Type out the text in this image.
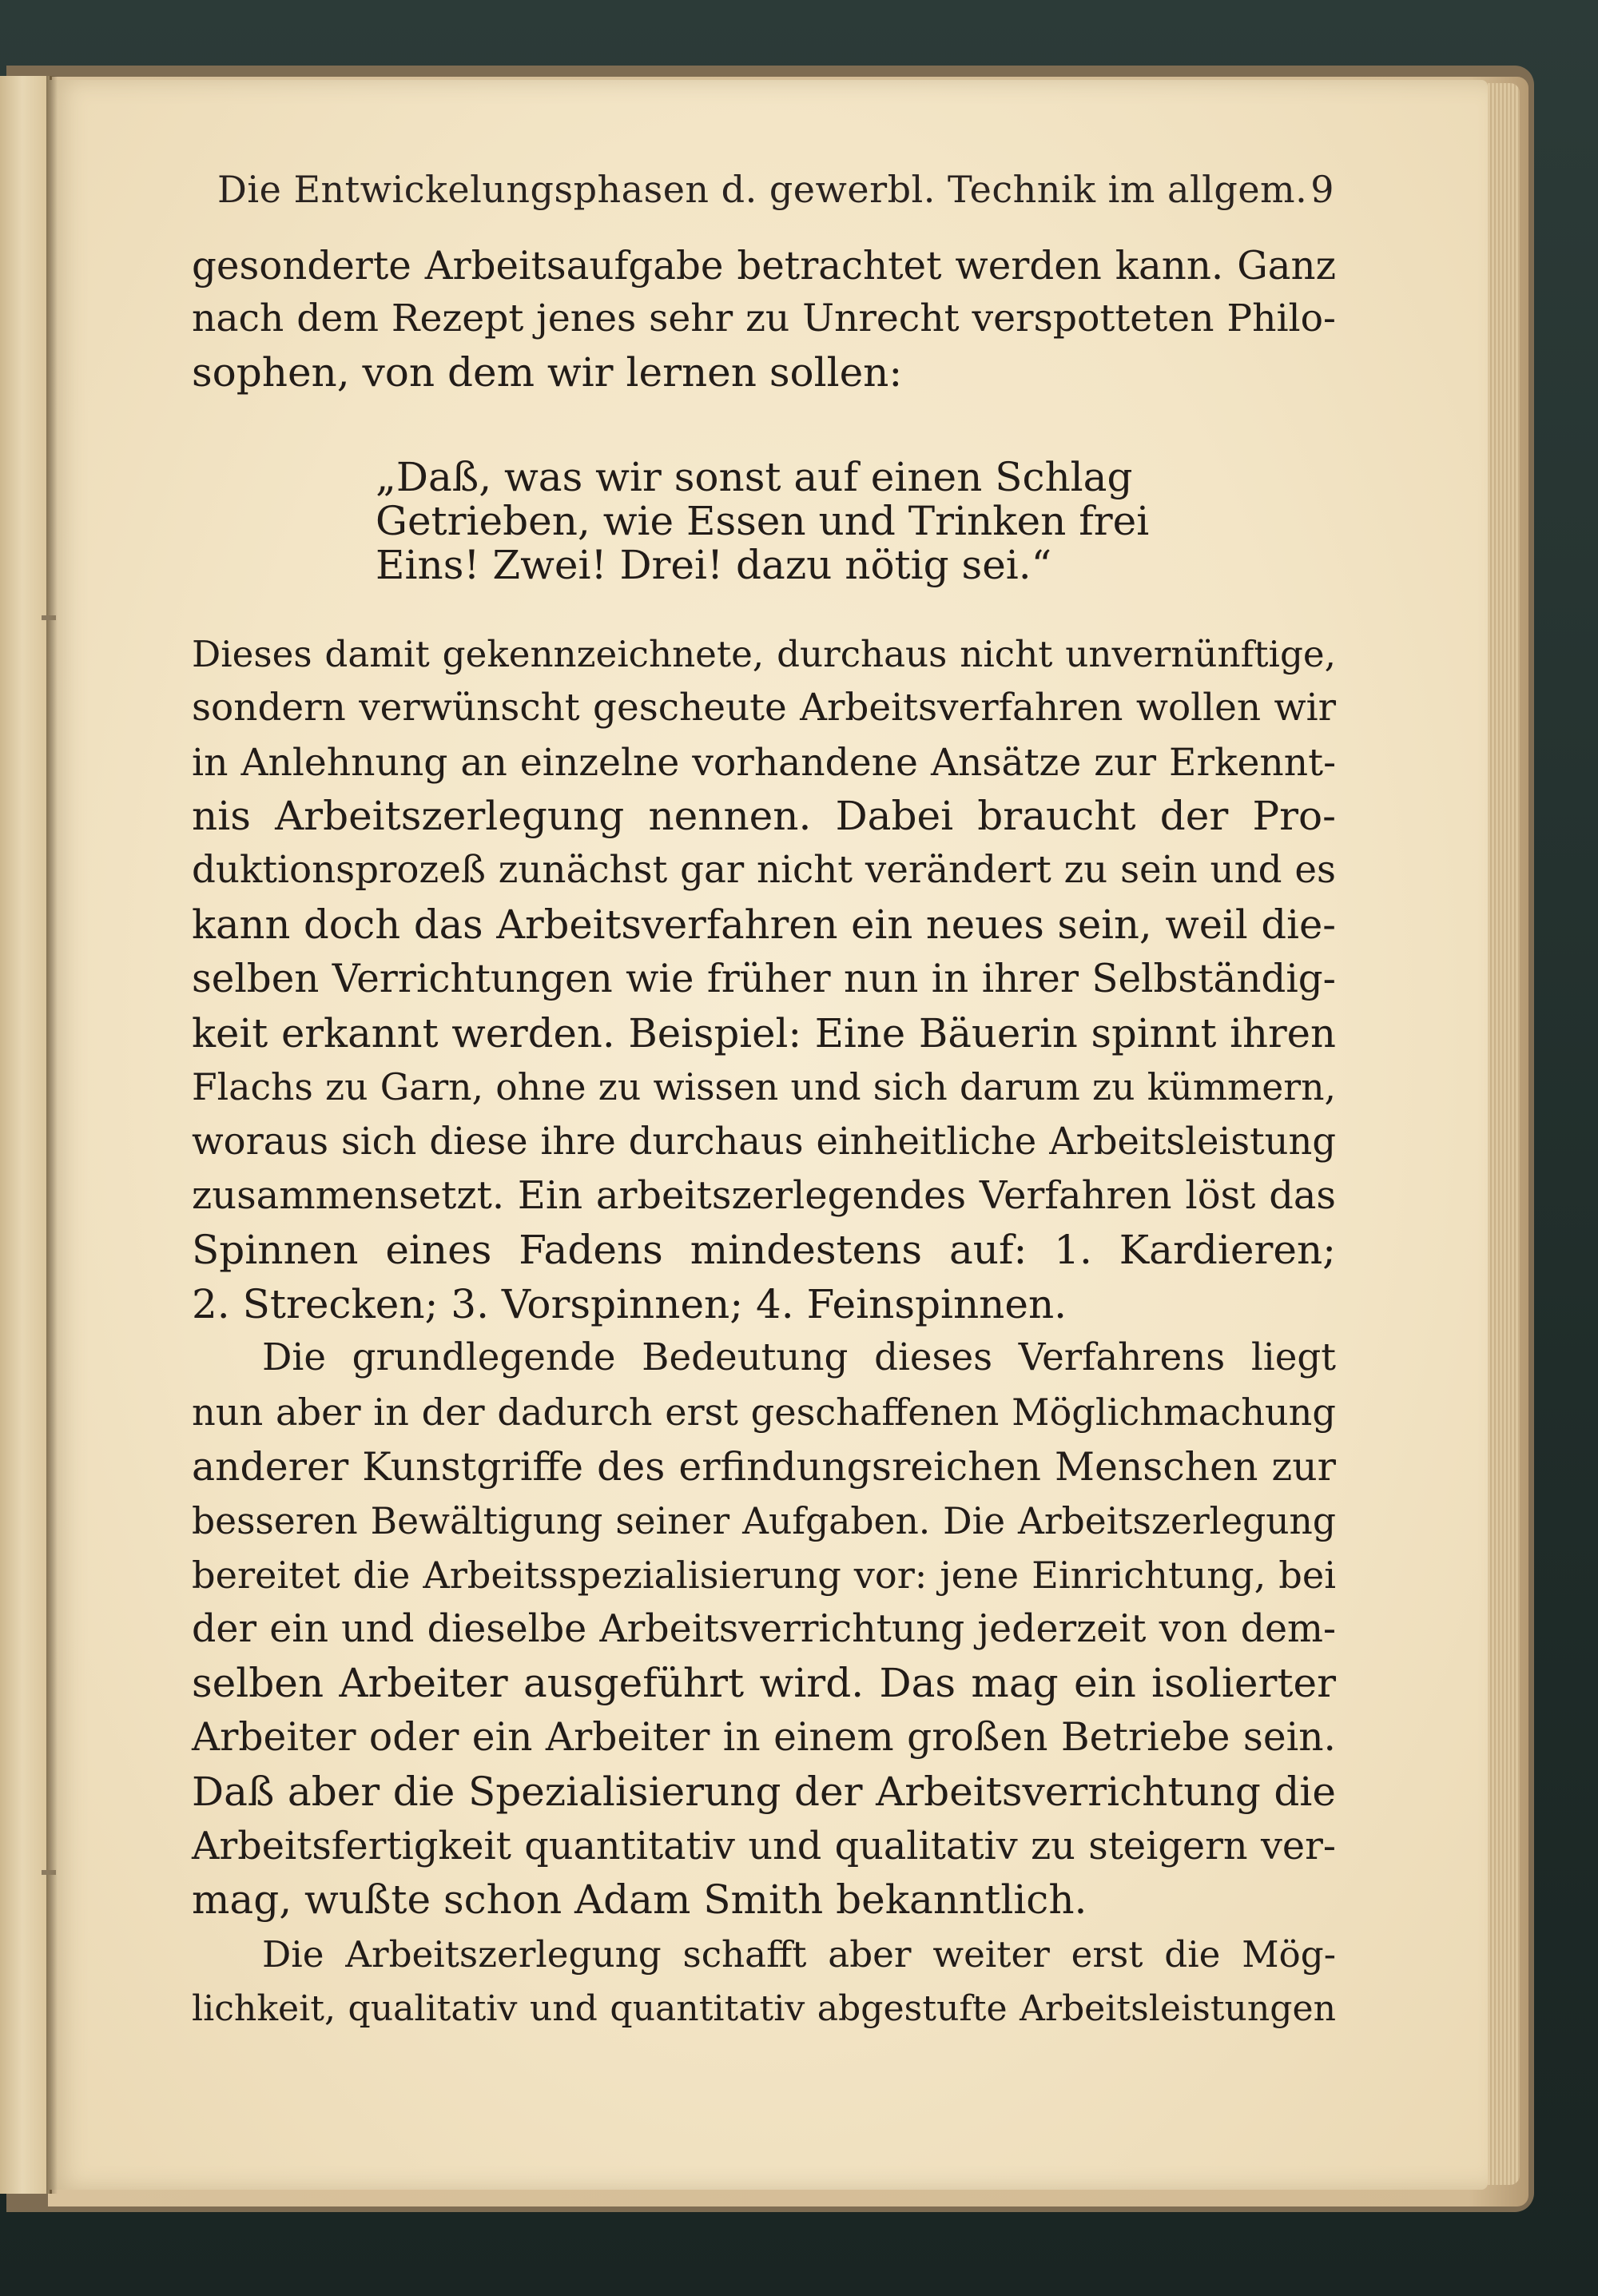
Die Entwickelungsphasen d. gewerbl. Technik im allgem. 9
gesonderte Arbeitsaufgabe betrachtet werden kann. Ganz
nach dem Rezept jenes sehr zu Unrecht verspotteten Philo-
sophen, von dem wir lernen sollen:
„Daß, was wir sonst auf einen Schlag
Getrieben, wie Essen und Trinken frei
Eins! Zwei! Drei! dazu nötig sei.“
Dieses damit gekennzeichnete, durchaus nicht unvernünftige,
sondern verwünscht gescheute Arbeitsverfahren wollen wir
in Anlehnung an einzelne vorhandene Ansätze zur Erkennt-
nis Arbeitszerlegung nennen. Dabei braucht der Pro-
duktionsprozeß zunächst gar nicht verändert zu sein und es
kann doch das Arbeitsverfahren ein neues sein, weil die-
selben Verrichtungen wie früher nun in ihrer Selbständig-
keit erkannt werden. Beispiel: Eine Bäuerin spinnt ihren
Flachs zu Garn, ohne zu wissen und sich darum zu kümmern,
woraus sich diese ihre durchaus einheitliche Arbeitsleistung
zusammensetzt. Ein arbeitszerlegendes Verfahren löst das
Spinnen eines Fadens mindestens auf: 1. Kardieren;
2. Strecken; 3. Vorspinnen; 4. Feinspinnen.
Die grundlegende Bedeutung dieses Verfahrens liegt
nun aber in der dadurch erst geschaffenen Möglichmachung
anderer Kunstgriffe des erfindungsreichen Menschen zur
besseren Bewältigung seiner Aufgaben. Die Arbeitszerlegung
bereitet die Arbeitsspezialisierung vor: jene Einrichtung, bei
der ein und dieselbe Arbeitsverrichtung jederzeit von dem-
selben Arbeiter ausgeführt wird. Das mag ein isolierter
Arbeiter oder ein Arbeiter in einem großen Betriebe sein.
Daß aber die Spezialisierung der Arbeitsverrichtung die
Arbeitsfertigkeit quantitativ und qualitativ zu steigern ver-
mag, wußte schon Adam Smith bekanntlich.
Die Arbeitszerlegung schafft aber weiter erst die Mög-
lichkeit, qualitativ und quantitativ abgestufte Arbeitsleistungen
